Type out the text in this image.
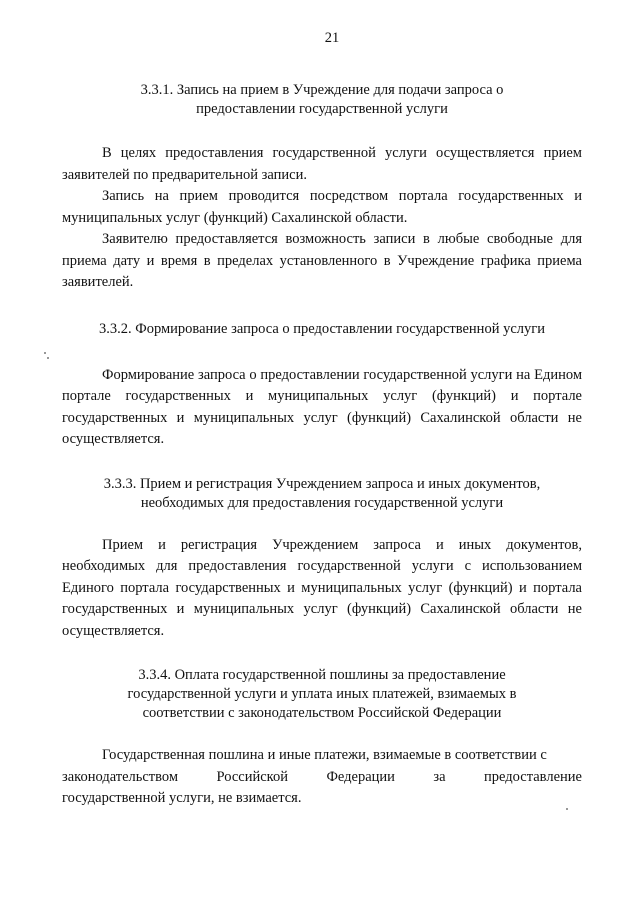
21
3.3.1. Запись на прием в Учреждение для подачи запроса о
предоставлении государственной услуги

В целях предоставления государственной услуги осуществляется прием заявителей по предварительной записи.

Запись на прием проводится посредством портала государственных и муниципальных услуг (функций) Сахалинской области.

Заявителю предоставляется возможность записи в любые свободные для приема дату и время в пределах установленного в Учреждение графика приема заявителей.

3.3.2. Формирование запроса о предоставлении государственной услуги

Формирование запроса о предоставлении государственной услуги на Едином портале государственных и муниципальных услуг (функций) и портале государственных и муниципальных услуг (функций) Сахалинской области не осуществляется.

3.3.3. Прием и регистрация Учреждением запроса и иных документов,
необходимых для предоставления государственной услуги

Прием и регистрация Учреждением запроса и иных документов, необходимых для предоставления государственной услуги с использованием Единого портала государственных и муниципальных услуг (функций) и портала государственных и муниципальных услуг (функций) Сахалинской области не осуществляется.

3.3.4. Оплата государственной пошлины за предоставление
государственной услуги и уплата иных платежей, взимаемых в
соответствии с законодательством Российской Федерации
Государственная пошлина и иные платежи, взимаемые в соответствии с
законодательством	Российской	Федерации	за	предоставление
государственной услуги, не взимается.
